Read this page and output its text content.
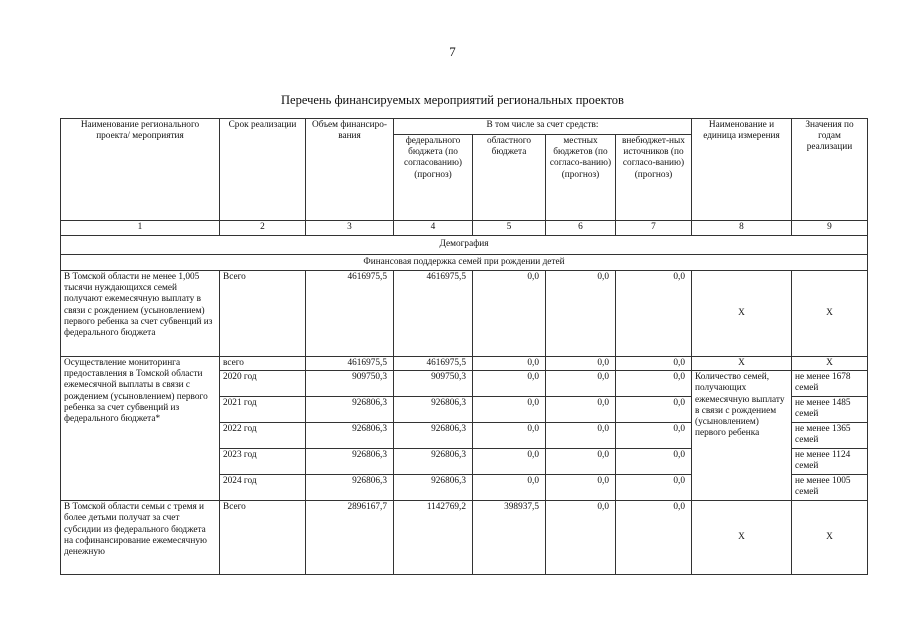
7
Перечень финансируемых мероприятий региональных проектов
Наименование регионального проекта/ мероприятия	Срок реализации	Объем финансиро-вания	В том числе за счет средств:				Наименование и единица измерения	Значения по годам реализации
			федерального бюджета (по согласованию) (прогноз)	областного бюджета	местных бюджетов (по согласо-ванию) (прогноз)	внебюджет-ных источников (по согласо-ванию) (прогноз)		
1	2	3	4	5	6	7	8	9
Демография								
Финансовая поддержка семей при рождении детей								
В Томской области не менее 1,005 тысячи нуждающихся семей получают ежемесячную выплату в связи с рождением (усыновлением) первого ребенка за счет субвенций из федерального бюджета	Всего	4616975,5	4616975,5	0,0	0,0	0,0	Х	Х
Осуществление мониторинга предоставления в Томской области ежемесячной выплаты в связи с рождением (усыновлением) первого ребенка за счет субвенций из федерального бюджета*	всего	4616975,5	4616975,5	0,0	0,0	0,0	Х	Х
	2020 год	909750,3	909750,3	0,0	0,0	0,0	Количество семей, получающих ежемесячную выплату в связи с рождением (усыновлением) первого ребенка	не менее 1678 семей
	2021 год	926806,3	926806,3	0,0	0,0	0,0		не менее 1485 семей
	2022 год	926806,3	926806,3	0,0	0,0	0,0		не менее 1365 семей
	2023 год	926806,3	926806,3	0,0	0,0	0,0		не менее 1124 семей
	2024 год	926806,3	926806,3	0,0	0,0	0,0		не менее 1005 семей
В Томской области семьи с тремя и более детьми получат за счет субсидии из федерального бюджета на софинансирование ежемесячную денежную	Всего	2896167,7	1142769,2	398937,5	0,0	0,0	Х	Х
